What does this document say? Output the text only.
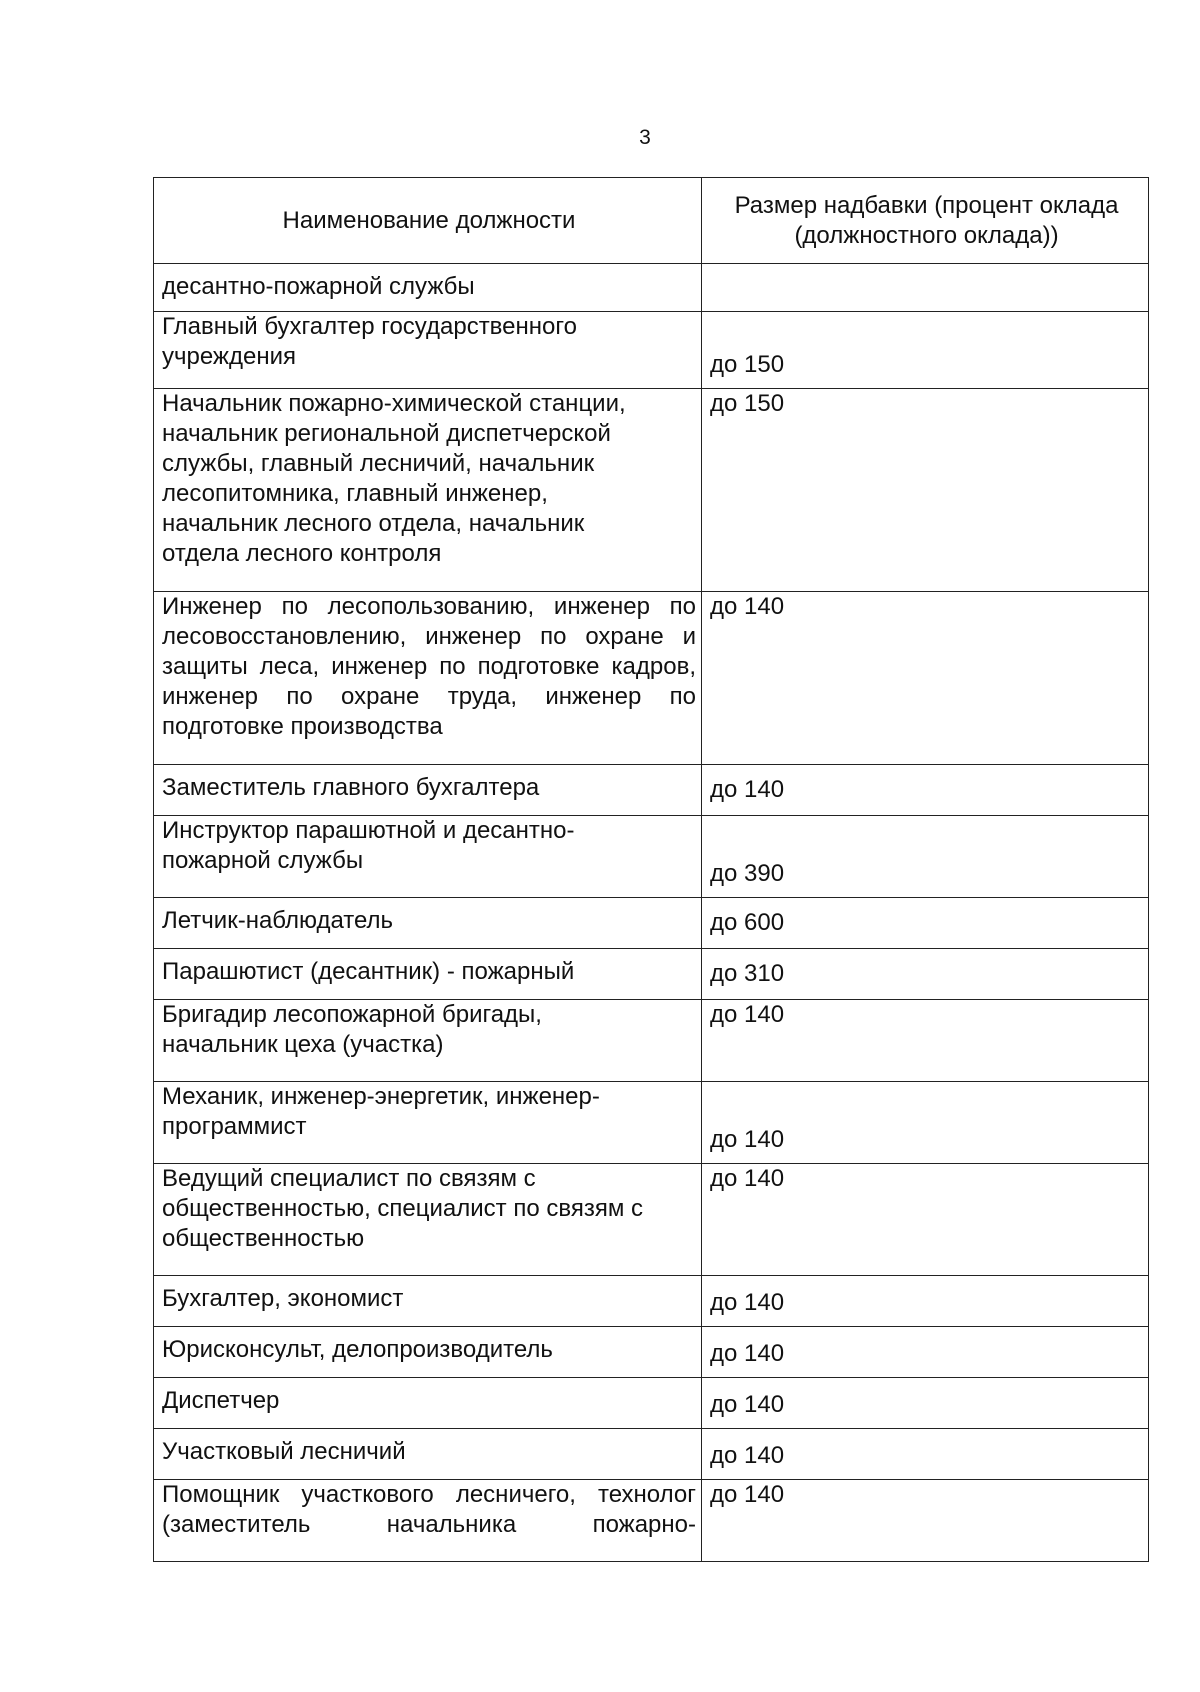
3
Наименование должности	Размер надбавки (процент оклада (должностного оклада))
десантно-пожарной службы	
Главный бухгалтер государственного учреждения	до 150
Начальник пожарно-химической станции, начальник региональной диспетчерской службы, главный лесничий, начальник лесопитомника, главный инженер, начальник лесного отдела, начальник отдела лесного контроля	до 150
Инженер по лесопользованию, инженер по лесовосстановлению, инженер по охране и защиты леса, инженер по подготовке кадров, инженер по охране труда, инженер по подготовке производства	до 140
Заместитель главного бухгалтера	до 140
Инструктор парашютной и десантно-пожарной службы	до 390
Летчик-наблюдатель	до 600
Парашютист (десантник) - пожарный	до 310
Бригадир лесопожарной бригады, начальник цеха (участка)	до 140
Механик, инженер-энергетик, инженер-программист	до 140
Ведущий специалист по связям с общественностью, специалист по связям с общественностью	до 140
Бухгалтер, экономист	до 140
Юрисконсульт, делопроизводитель	до 140
Диспетчер	до 140
Участковый лесничий	до 140
Помощник участкового лесничего, технолог (заместитель начальника пожарно-	до 140
